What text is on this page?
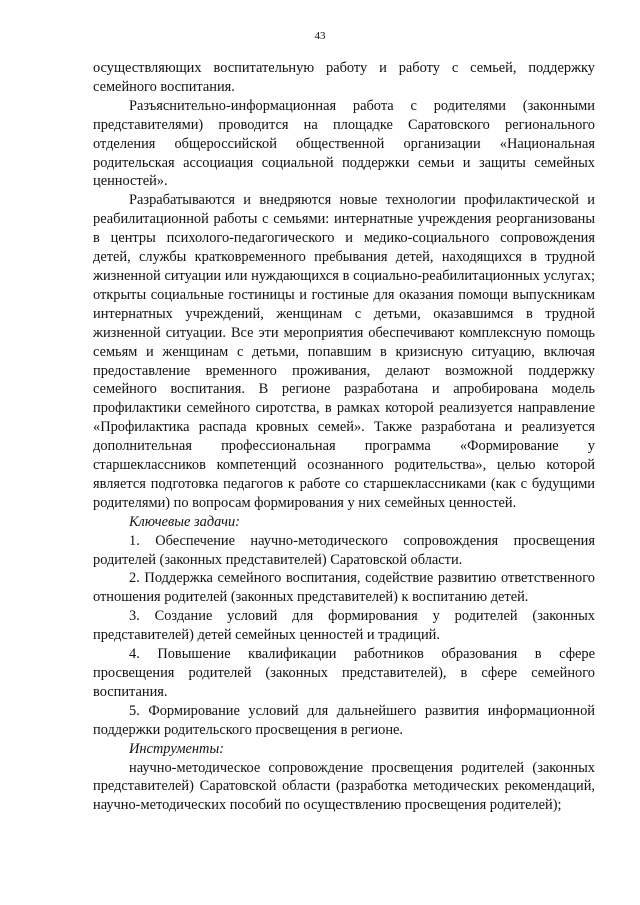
43

осуществляющих воспитательную работу и работу с семьей, поддержку семейного воспитания.

Разъяснительно-информационная работа с родителями (законными представителями) проводится на площадке Саратовского регионального отделения общероссийской общественной организации «Национальная родительская ассоциация социальной поддержки семьи и защиты семейных ценностей».

Разрабатываются и внедряются новые технологии профилактической и реабилитационной работы с семьями: интернатные учреждения реорганизованы в центры психолого-педагогического и медико-социального сопровождения детей, службы кратковременного пребывания детей, находящихся в трудной жизненной ситуации или нуждающихся в социально-реабилитационных услугах; открыты социальные гостиницы и гостиные для оказания помощи выпускникам интернатных учреждений, женщинам с детьми, оказавшимся в трудной жизненной ситуации. Все эти мероприятия обеспечивают комплексную помощь семьям и женщинам с детьми, попавшим в кризисную ситуацию, включая предоставление временного проживания, делают возможной поддержку семейного воспитания. В регионе разработана и апробирована модель профилактики семейного сиротства, в рамках которой реализуется направление «Профилактика распада кровных семей». Также разработана и реализуется дополнительная профессиональная программа «Формирование у старшеклассников компетенций осознанного родительства», целью которой является подготовка педагогов к работе со старшеклассниками (как с будущими родителями) по вопросам формирования у них семейных ценностей.

Ключевые задачи:

1. Обеспечение научно-методического сопровождения просвещения родителей (законных представителей) Саратовской области.

2. Поддержка семейного воспитания, содействие развитию ответственного отношения родителей (законных представителей) к воспитанию детей.

3. Создание условий для формирования у родителей (законных представителей) детей семейных ценностей и традиций.

4. Повышение квалификации работников образования в сфере просвещения родителей (законных представителей), в сфере семейного воспитания.

5. Формирование условий для дальнейшего развития информационной поддержки родительского просвещения в регионе.

Инструменты:

научно-методическое сопровождение просвещения родителей (законных представителей) Саратовской области (разработка методических рекомендаций, научно-методических пособий по осуществлению просвещения родителей);
